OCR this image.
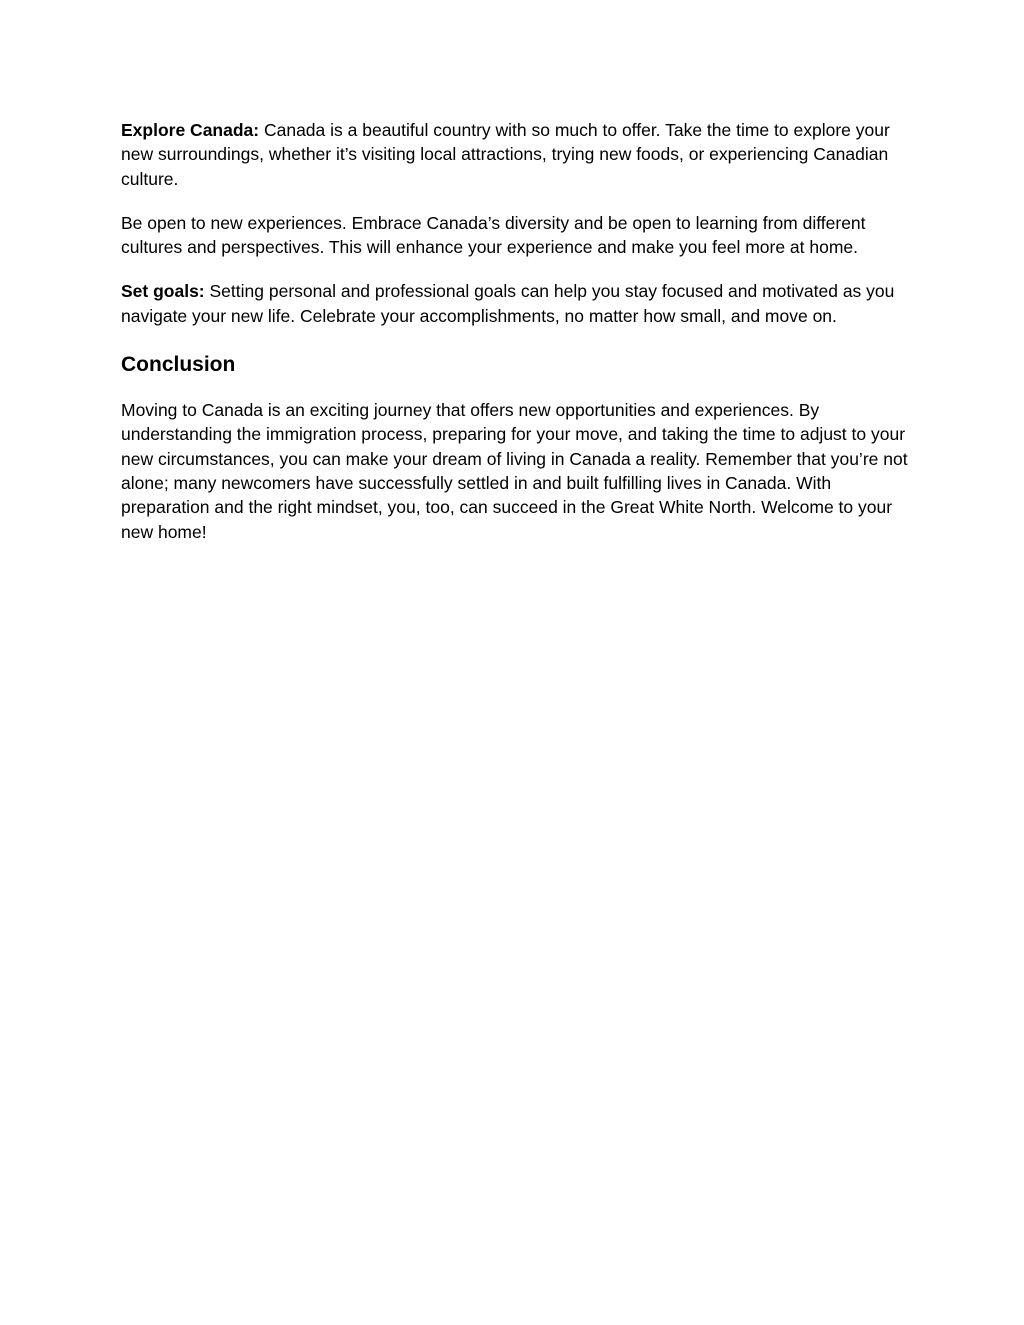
Explore Canada: Canada is a beautiful country with so much to offer. Take the time to explore your new surroundings, whether it’s visiting local attractions, trying new foods, or experiencing Canadian culture.

Be open to new experiences. Embrace Canada’s diversity and be open to learning from different cultures and perspectives. This will enhance your experience and make you feel more at home.

Set goals: Setting personal and professional goals can help you stay focused and motivated as you navigate your new life. Celebrate your accomplishments, no matter how small, and move on.

Conclusion

Moving to Canada is an exciting journey that offers new opportunities and experiences. By understanding the immigration process, preparing for your move, and taking the time to adjust to your new circumstances, you can make your dream of living in Canada a reality. Remember that you’re not alone; many newcomers have successfully settled in and built fulfilling lives in Canada. With preparation and the right mindset, you, too, can succeed in the Great White North. Welcome to your new home!
